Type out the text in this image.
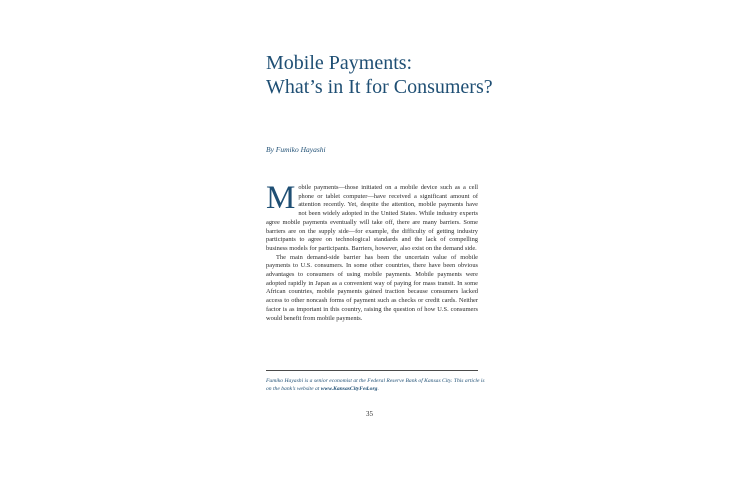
Mobile Payments:
What’s in It for Consumers?
By Fumiko Hayashi

Mobile payments—those initiated on a mobile device such as a cell phone or tablet computer—have received a significant amount of attention recently. Yet, despite the attention, mobile payments have not been widely adopted in the United States. While industry experts agree mobile payments eventually will take off, there are many barriers. Some barriers are on the supply side—for example, the difficulty of getting industry participants to agree on technological standards and the lack of compelling business models for participants. Barriers, however, also exist on the demand side.

The main demand-side barrier has been the uncertain value of mobile payments to U.S. consumers. In some other countries, there have been obvious advantages to consumers of using mobile payments. Mobile payments were adopted rapidly in Japan as a convenient way of paying for mass transit. In some African countries, mobile payments gained traction because consumers lacked access to other noncash forms of payment such as checks or credit cards. Neither factor is as important in this country, raising the question of how U.S. consumers would benefit from mobile payments.

Fumiko Hayashi is a senior economist at the Federal Reserve Bank of Kansas City. This article is on the bank’s website at www.KansasCityFed.org.
35
